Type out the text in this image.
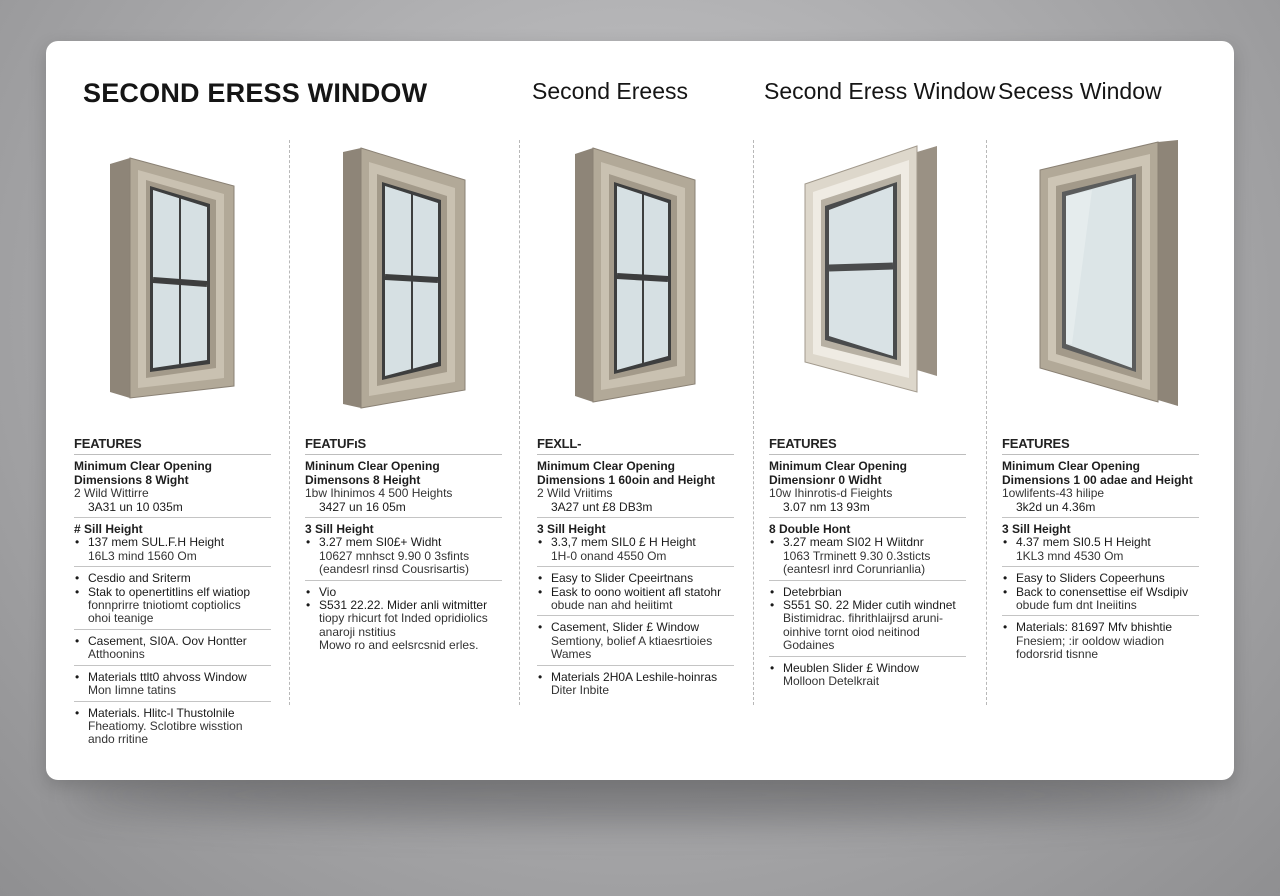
SECOND ERESS WINDOW	Second Ereess	Second Eress Window Secess Window
FEATURES
Minimum Clear Opening
Dimensions 8 Wight
2 Wild Wittirre
3A31 un 10 035m
# Sill Height
• 137 mem SUL.F.H Height
16L3 mind 1560 Om
• Cesdio and Sriterm
• Stak to openertitlins elf wiatiop
fonnprirre tniotiomt coptiolics
ohoi teanige
• Casement, SI0A. Oov Hontter
Atthoonins
• Materials ttlt0 ahvoss Window
Mon Iimne tatins
• Materials. Hlitc-l Thustolnile
Fheatiomy. Sclotibre wisstion
ando rritine
FEATUFıS
Mininum Clear Opening
Dimensons 8 Height
1bw Ihinimos 4 500 Heights
3427 un 16 05m
3 Sill Height
• 3.27 mem SI0£+ Widht
10627 mnhsct 9.90 0 3sfints
(eandesrl rinsd Cousrisartis)
• Vio
• S531 22.22. Mider anli witmitter
tiopy rhicurt fot Inded opridiolics
anaroji nstitius
Mowo ro and eelsrcsnid erles.
FEXLL-
Minimum Clear Opening
Dimensions 1 60oin and Height
2 Wild Vriitims
3A27 unt £8 DB3m
3 Sill Height
• 3.3,7 mem SIL0 £ H Height
1H-0 onand 4550 Om
• Easy to Slider Cpeeirtnans
• Eask to oono woitient afl statohr
obude nan ahd heiitimt
• Casement, Slider £ Window
Semtiony, bolief A ktiaesrtioies
Wames
• Materials 2H0A Leshile-hoinras
Diter Inbite
FEATURES
Minimum Clear Opening
Dimensionr 0 Widht
10w Ihinrotis-d Fieights
3.07 nm 13 93m
8 Double Hont
• 3.27 meam SI02 H Wiitdnr
1063 Trminett 9.30 0.3sticts
(eantesrl inrd Corunrianlia)
• Detebrbian
• S551 S0. 22 Mider cutih windnet
Bistimidrac. fihrithlaijrsd aruni-
oinhive tornt oiod neitinod
Godaines
• Meublen Slider £ Window
Molloon Detelkrait
FEATURES
Minimum Clear Opening
Dimensions 1 00 adae and Height
1owlifents-43 hilipe
3k2d un 4.36m
3 Sill Height
• 4.37 mem SI0.5 H Height
1KL3 mnd 4530 Om
• Easy to Sliders Copeerhuns
• Back to conensettise eif Wsdipiv
obude fum dnt Ineiitins
• Materials: 81697 Mfv bhishtie
Fnesiem; :ir ooldow wiadion
fodorsrid tisnne
